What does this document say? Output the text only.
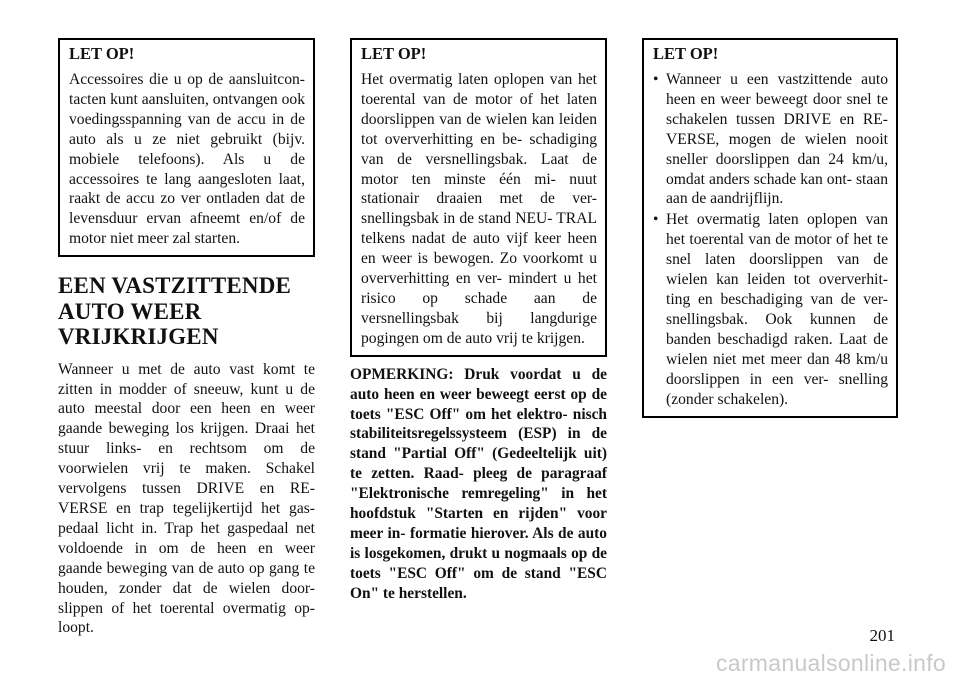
LET OP!

Accessoires die u op de aansluitcon- tacten kunt aansluiten, ontvangen ook voedingsspanning van de accu in de auto als u ze niet gebruikt (bijv. mobiele telefoons). Als u de accessoires te lang aangesloten laat, raakt de accu zo ver ontladen dat de levensduur ervan afneemt en/of de motor niet meer zal starten.

EEN VASTZITTENDE AUTO WEER VRIJKRIJGEN

Wanneer u met de auto vast komt te zitten in modder of sneeuw, kunt u de auto meestal door een heen en weer gaande beweging los krijgen. Draai het stuur links- en rechtsom om de voorwielen vrij te maken. Schakel vervolgens tussen DRIVE en RE- VERSE en trap tegelijkertijd het gas- pedaal licht in. Trap het gaspedaal net voldoende in om de heen en weer gaande beweging van de auto op gang te houden, zonder dat de wielen door- slippen of het toerental overmatig op- loopt.

LET OP!

Het overmatig laten oplopen van het toerental van de motor of het laten doorslippen van de wielen kan leiden tot oververhitting en be- schadiging van de versnellingsbak. Laat de motor ten minste één mi- nuut stationair draaien met de ver- snellingsbak in de stand NEU- TRAL telkens nadat de auto vijf keer heen en weer is bewogen. Zo voorkomt u oververhitting en ver- mindert u het risico op schade aan de versnellingsbak bij langdurige pogingen om de auto vrij te krijgen.

OPMERKING: Druk voordat u de auto heen en weer beweegt eerst op de toets "ESC Off" om het elektro- nisch stabiliteitsregelssysteem (ESP) in de stand "Partial Off" (Gedeeltelijk uit) te zetten. Raad- pleeg de paragraaf "Elektronische remregeling" in het hoofdstuk "Starten en rijden" voor meer in- formatie hierover. Als de auto is losgekomen, drukt u nogmaals op de toets "ESC Off" om de stand "ESC On" te herstellen.

LET OP!
• Wanneer u een vastzittende auto heen en weer beweegt door snel te schakelen tussen DRIVE en RE- VERSE, mogen de wielen nooit sneller doorslippen dan 24 km/u, omdat anders schade kan ont- staan aan de aandrijflijn.
• Het overmatig laten oplopen van het toerental van de motor of het te snel laten doorslippen van de wielen kan leiden tot oververhit- ting en beschadiging van de ver- snellingsbak. Ook kunnen de banden beschadigd raken. Laat de wielen niet met meer dan 48 km/u doorslippen in een ver- snelling (zonder schakelen).
201
carmanualsonline.info
